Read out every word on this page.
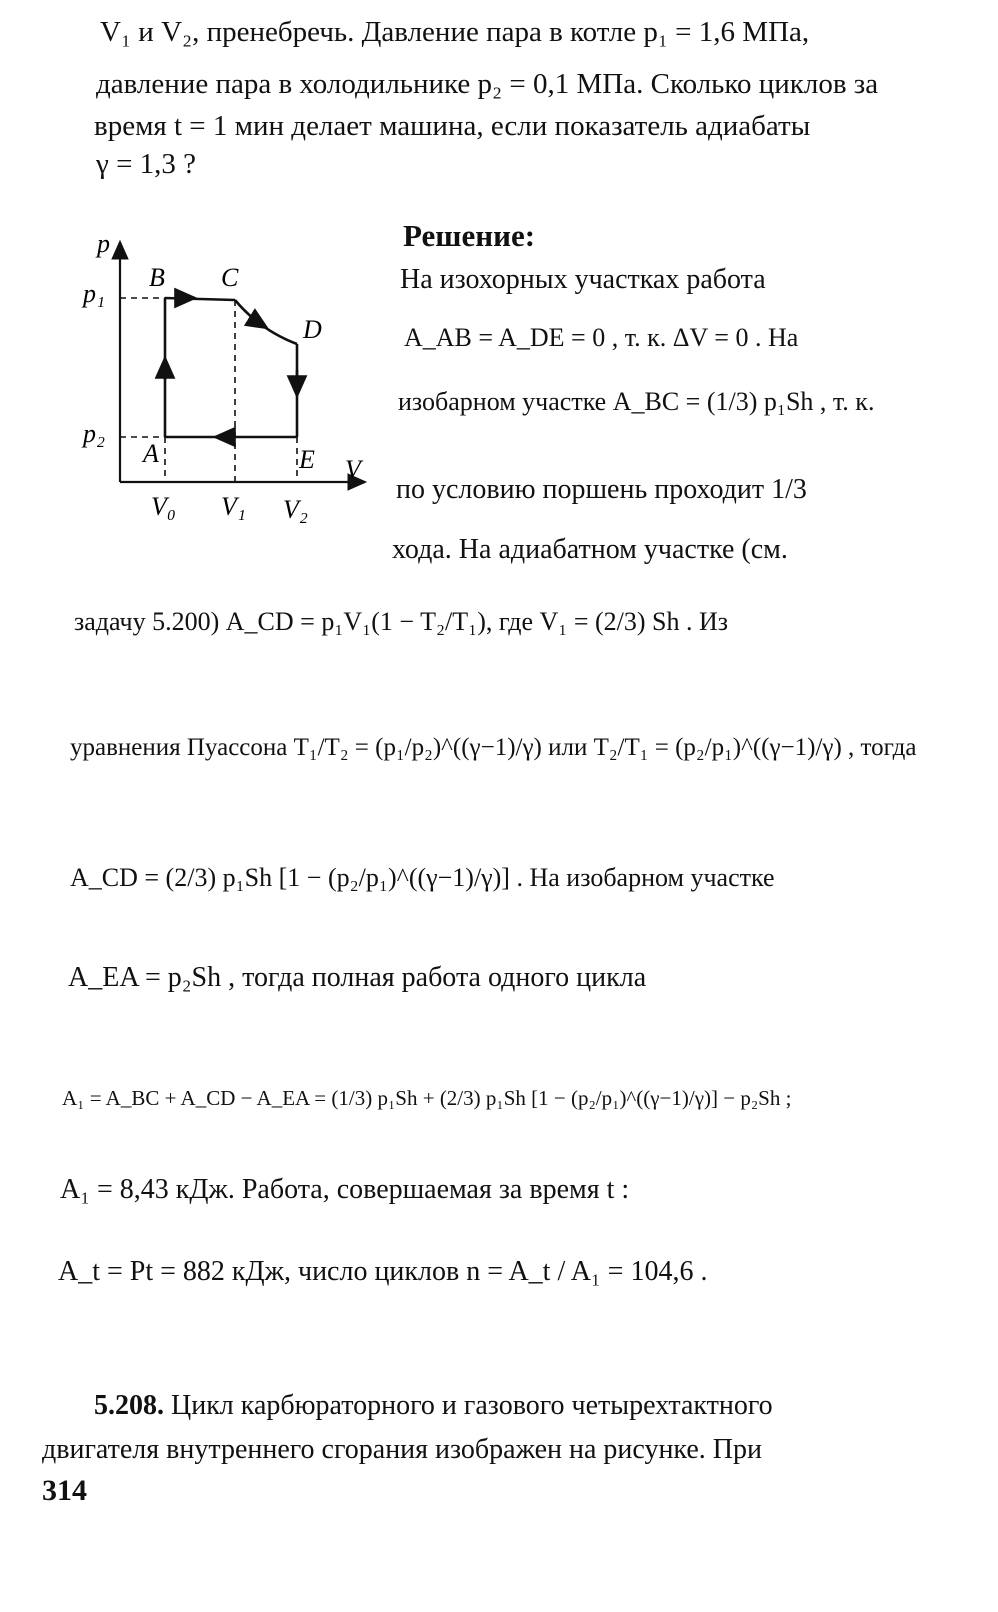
V₁ и V₂, пренебречь. Давление пара в котле p₁ = 1,6 МПа,
давление пара в холодильнике p₂ = 0,1 МПа. Сколько циклов за
время t = 1 мин делает машина, если показатель адиабаты
γ = 1,3 ?
p
V
p₁
p₂
B C
D
E
A
V₀ V₁ V₂
Решение:
На изохорных участках работа
A_AB = A_DE = 0 , т. к. ΔV = 0 . На
изобарном участке A_BC = (1/3) p₁Sh , т. к.
по условию поршень проходит 1/3
хода. На адиабатном участке (см.
задачу 5.200) A_CD = p₁V₁(1 − T₂/T₁), где V₁ = (2/3) Sh . Из
уравнения Пуассона T₁/T₂ = (p₁/p₂)^((γ−1)/γ) или T₂/T₁ = (p₂/p₁)^((γ−1)/γ) , тогда
A_CD = (2/3) p₁Sh [1 − (p₂/p₁)^((γ−1)/γ)] . На изобарном участке
A_EA = p₂Sh , тогда полная работа одного цикла
A₁ = A_BC + A_CD − A_EA = (1/3) p₁Sh + (2/3) p₁Sh [1 − (p₂/p₁)^((γ−1)/γ)] − p₂Sh ;
A₁ = 8,43 кДж. Работа, совершаемая за время t :
A_t = Pt = 882 кДж, число циклов n = A_t / A₁ = 104,6 .
5.208. Цикл карбюраторного и газового четырехтактного
двигателя внутреннего сгорания изображен на рисунке. При
314
